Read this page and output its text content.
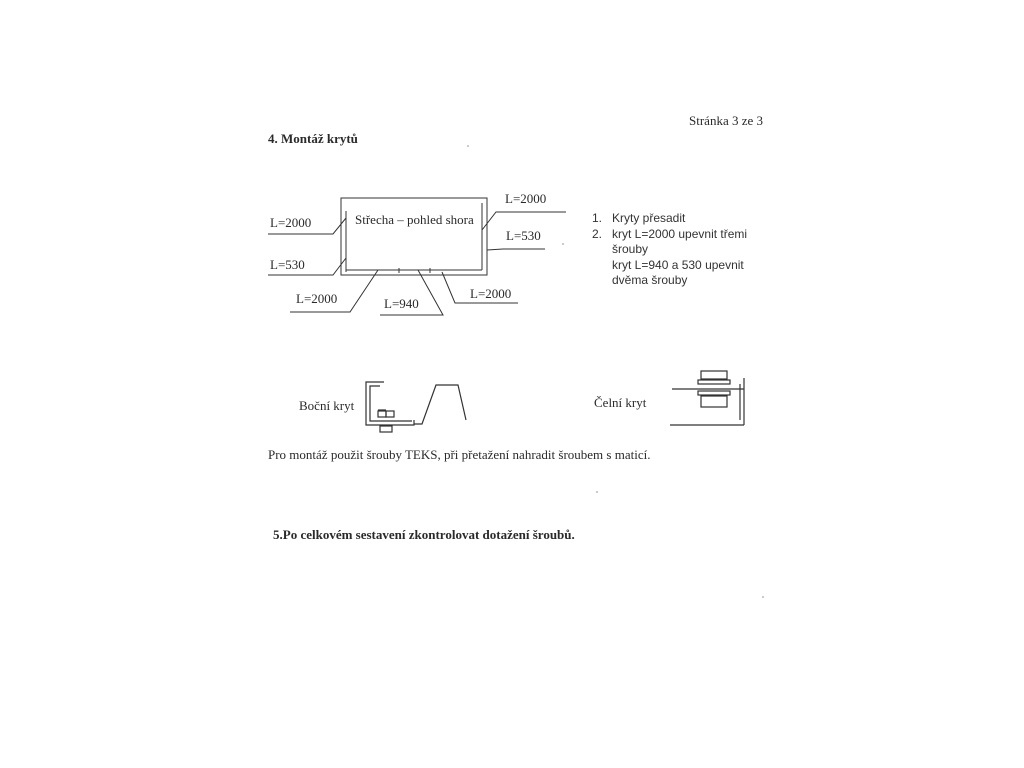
Stránka 3 ze 3
4. Montáž krytů
Střecha – pohled shora
L=2000
L=530
L=2000	L=940
L=2000
L=2000
L=530
1. Kryty přesadit
2. kryt L=2000 upevnit třemi
šrouby
kryt L=940 a 530 upevnit
dvěma šrouby
Boční kryt	Čelní kryt
Pro montáž použit šrouby TEKS, při přetažení nahradit šroubem s maticí.
5.Po celkovém sestavení zkontrolovat dotažení šroubů.
